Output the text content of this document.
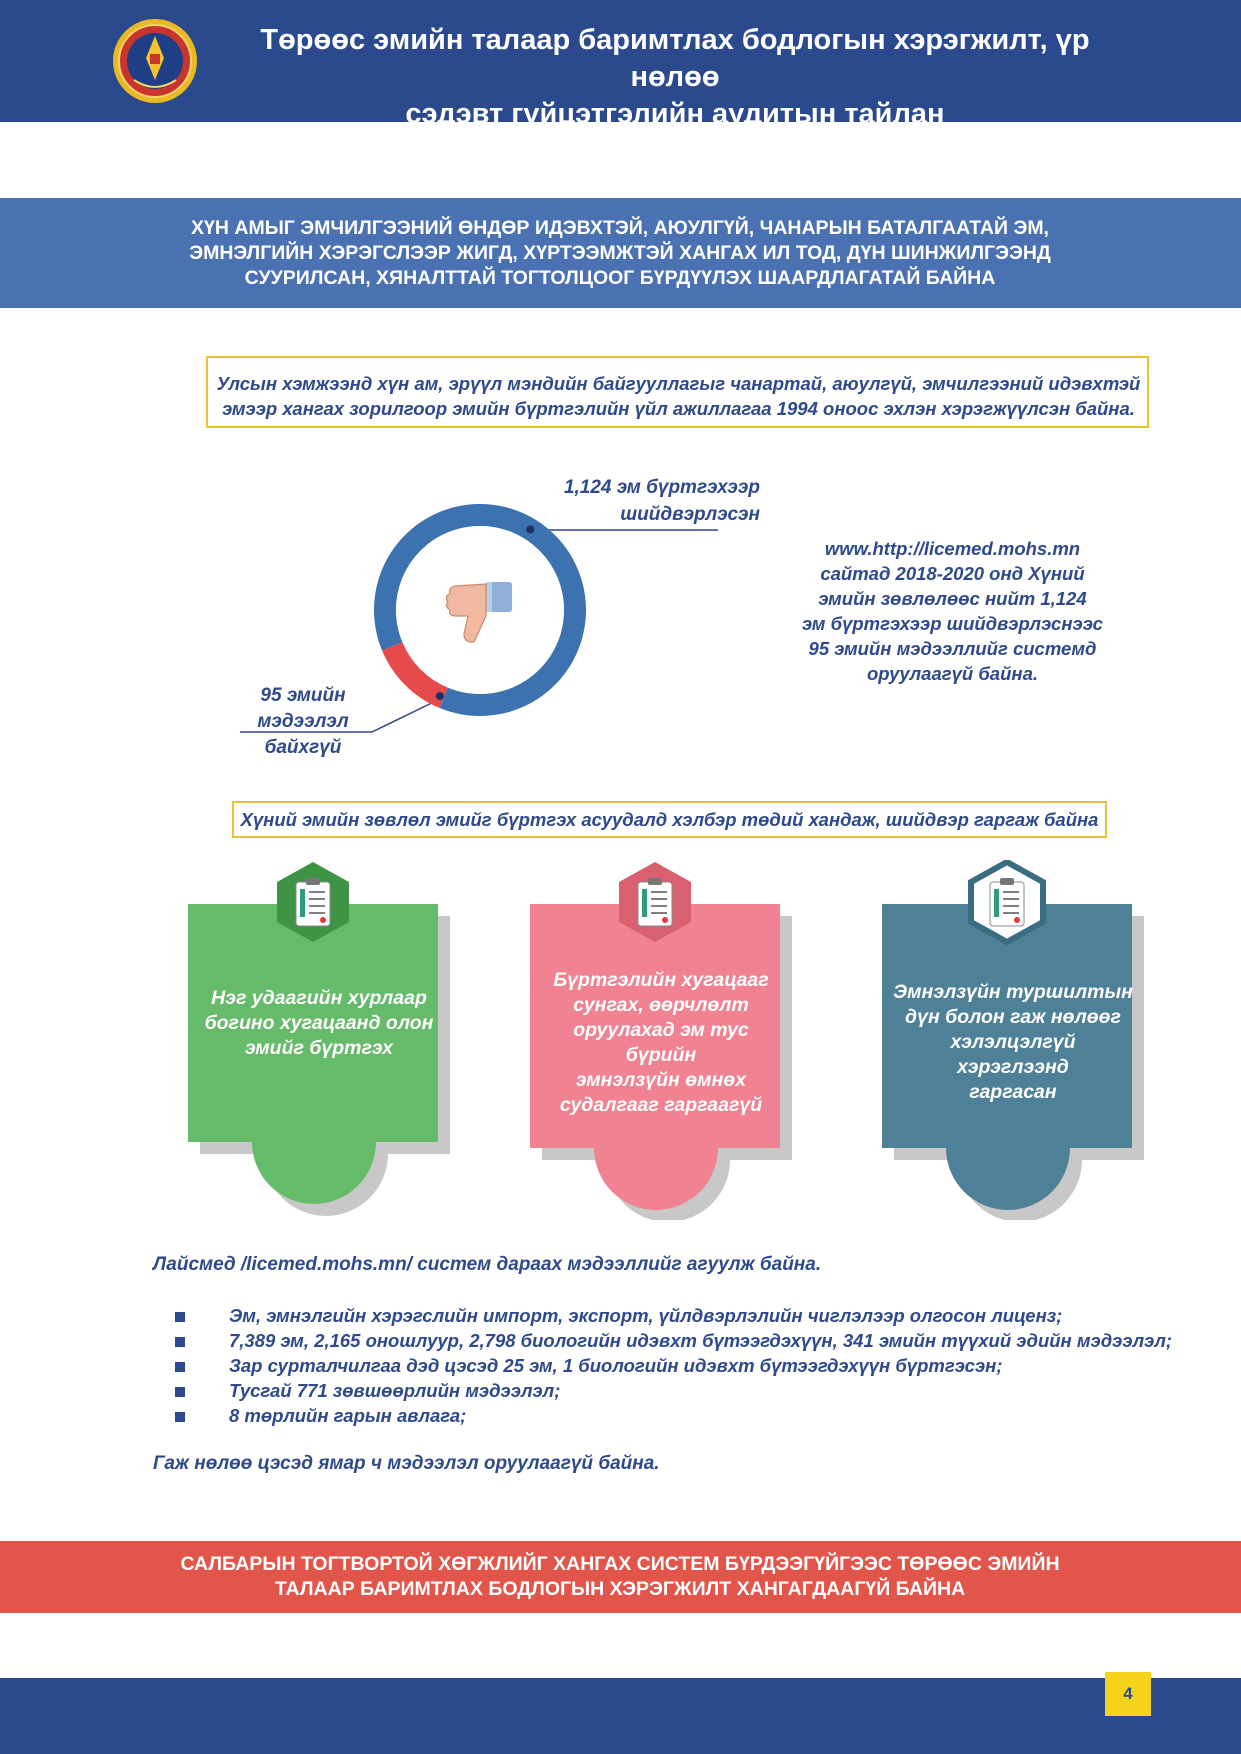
Төрөөс эмийн талаар баримтлах бодлогын хэрэгжилт, үр нөлөө
сэдэвт гүйцэтгэлийн аудитын тайлан
ХҮН АМЫГ ЭМЧИЛГЭЭНИЙ ӨНДӨР ИДЭВХТЭЙ, АЮУЛГҮЙ, ЧАНАРЫН БАТАЛГААТАЙ ЭМ,
ЭМНЭЛГИЙН ХЭРЭГСЛЭЭР ЖИГД, ХҮРТЭЭМЖТЭЙ ХАНГАХ ИЛ ТОД, ДҮН ШИНЖИЛГЭЭНД
СУУРИЛСАН, ХЯНАЛТТАЙ ТОГТОЛЦООГ БҮРДҮҮЛЭХ ШААРДЛАГАТАЙ БАЙНА
Улсын хэмжээнд хүн ам, эрүүл мэндийн байгууллагыг чанартай, аюулгүй, эмчилгээний идэвхтэй
эмээр хангах зорилгоор эмийн бүртгэлийн үйл ажиллагаа 1994 оноос эхлэн хэрэгжүүлсэн байна.
1,124 эм бүртгэхээр
шийдвэрлэсэн
95 эмийн
мэдээлэл
байхгүй
www.http://licemed.mohs.mn
сайтад 2018-2020 онд Хүний
эмийн зөвлөлөөс нийт 1,124
эм бүртгэхээр шийдвэрлэснээс
95 эмийн мэдээллийг системд
оруулаагүй байна.
Хүний эмийн зөвлөл эмийг бүртгэх асуудалд хэлбэр төдий хандаж, шийдвэр гаргаж байна
Нэг удаагийн хурлаар
богино хугацаанд олон
эмийг бүртгэх
Бүртгэлийн хугацааг
сунгах, өөрчлөлт
оруулахад эм тус бүрийн
эмнэлзүйн өмнөх
судалгааг гаргаагүй
Эмнэлзүйн туршилтын
дүн болон гаж нөлөөг
хэлэлцэлгүй хэрэглээнд
гаргасан
Лайсмед /licemed.mohs.mn/ систем дараах мэдээллийг агуулж байна.
Эм, эмнэлгийн хэрэгслийн импорт, экспорт, үйлдвэрлэлийн чиглэлээр олгосон лиценз;
7,389 эм, 2,165 оношлуур, 2,798 биологийн идэвхт бүтээгдэхүүн, 341 эмийн түүхий эдийн мэдээлэл;
Зар сурталчилгаа дэд цэсэд 25 эм, 1 биологийн идэвхт бүтээгдэхүүн бүртгэсэн;
Тусгай 771 зөвшөөрлийн мэдээлэл;
8 төрлийн гарын авлага;
Гаж нөлөө цэсэд ямар ч мэдээлэл оруулаагүй байна.
САЛБАРЫН ТОГТВОРТОЙ ХӨГЖЛИЙГ ХАНГАХ СИСТЕМ БҮРДЭЭГҮЙГЭЭС ТӨРӨӨС ЭМИЙН
ТАЛААР БАРИМТЛАХ БОДЛОГЫН ХЭРЭГЖИЛТ ХАНГАГДААГҮЙ БАЙНА
4
